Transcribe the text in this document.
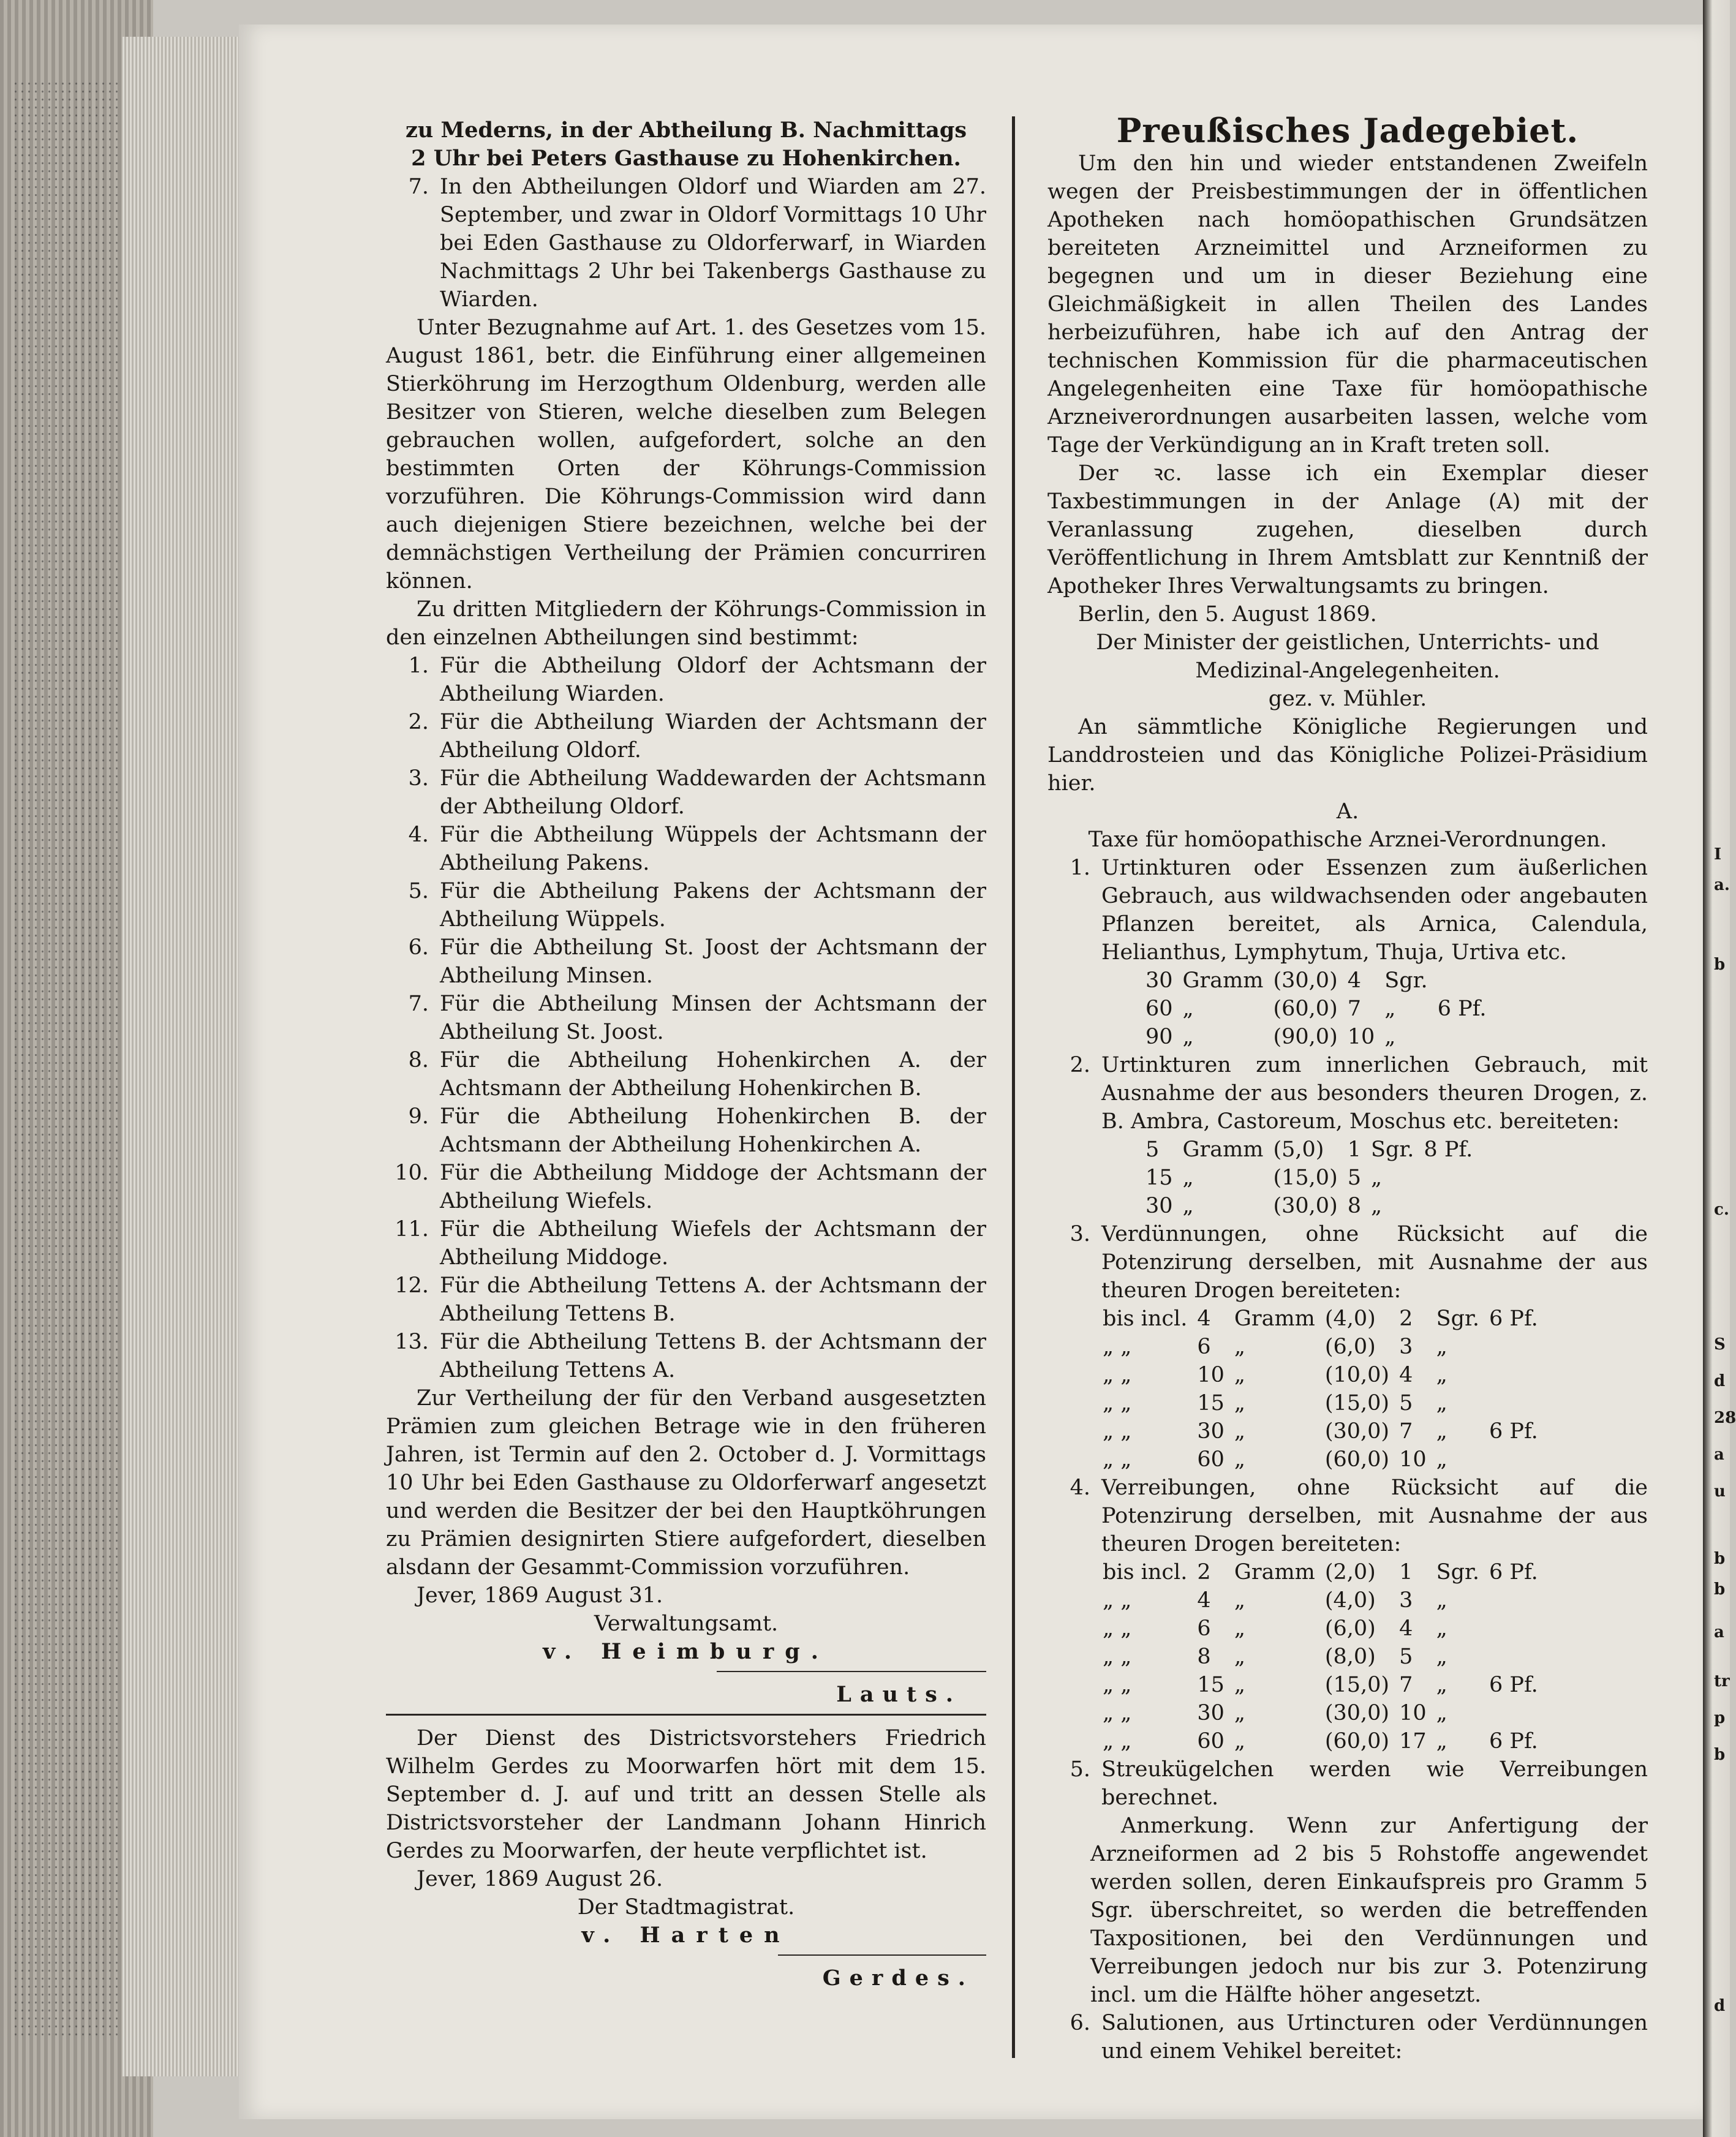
I
a.
b
c.
S
d
28
a
u
b
b
a
tr
p
b
d

zu Mederns, in der Abtheilung B. Nachmittags

2 Uhr bei Peters Gasthause zu Hohenkirchen.

7. In den Abtheilungen Oldorf und Wiarden am 27. September, und zwar in Oldorf Vormittags 10 Uhr bei Eden Gasthause zu Oldorferwarf, in Wiarden Nachmittags 2 Uhr bei Takenbergs Gasthause zu Wiarden.

Unter Bezugnahme auf Art. 1. des Gesetzes vom 15. August 1861, betr. die Einführung einer allgemeinen Stierköhrung im Herzogthum Oldenburg, werden alle Besitzer von Stieren, welche dieselben zum Belegen gebrauchen wollen, aufgefordert, solche an den bestimmten Orten der Köhrungs-Commission vorzuführen. Die Köhrungs-Commission wird dann auch diejenigen Stiere bezeichnen, welche bei der demnächstigen Vertheilung der Prämien concurriren können.

Zu dritten Mitgliedern der Köhrungs-Commission in den einzelnen Abtheilungen sind bestimmt:

1. Für die Abtheilung Oldorf der Achtsmann der Abtheilung Wiarden.
2. Für die Abtheilung Wiarden der Achtsmann der Abtheilung Oldorf.
3. Für die Abtheilung Waddewarden der Achtsmann der Abtheilung Oldorf.
4. Für die Abtheilung Wüppels der Achtsmann der Abtheilung Pakens.
5. Für die Abtheilung Pakens der Achtsmann der Abtheilung Wüppels.
6. Für die Abtheilung St. Joost der Achtsmann der Abtheilung Minsen.
7. Für die Abtheilung Minsen der Achtsmann der Abtheilung St. Joost.
8. Für die Abtheilung Hohenkirchen A. der Achtsmann der Abtheilung Hohenkirchen B.
9. Für die Abtheilung Hohenkirchen B. der Achtsmann der Abtheilung Hohenkirchen A.
10. Für die Abtheilung Middoge der Achtsmann der Abtheilung Wiefels.
11. Für die Abtheilung Wiefels der Achtsmann der Abtheilung Middoge.
12. Für die Abtheilung Tettens A. der Achtsmann der Abtheilung Tettens B.
13. Für die Abtheilung Tettens B. der Achtsmann der Abtheilung Tettens A.

Zur Vertheilung der für den Verband ausgesetzten Prämien zum gleichen Betrage wie in den früheren Jahren, ist Termin auf den 2. October d. J. Vormittags 10 Uhr bei Eden Gasthause zu Oldorferwarf angesetzt und werden die Besitzer der bei den Hauptköhrungen zu Prämien designirten Stiere aufgefordert, dieselben alsdann der Gesammt-Commission vorzuführen.

Jever, 1869 August 31.

Verwaltungsamt.

v. Heimburg.

Lauts.

Der Dienst des Districtsvorstehers Friedrich Wilhelm Gerdes zu Moorwarfen hört mit dem 15. September d. J. auf und tritt an dessen Stelle als Districtsvorsteher der Landmann Johann Hinrich Gerdes zu Moorwarfen, der heute verpflichtet ist.

Jever, 1869 August 26.

Der Stadtmagistrat.

v. Harten

Gerdes.

Preußisches Jadegebiet.

Um den hin und wieder entstandenen Zweifeln wegen der Preisbestimmungen der in öffentlichen Apotheken nach homöopathischen Grundsätzen bereiteten Arzneimittel und Arzneiformen zu begegnen und um in dieser Beziehung eine Gleichmäßigkeit in allen Theilen des Landes herbeizuführen, habe ich auf den Antrag der technischen Kommission für die pharmaceutischen Angelegenheiten eine Taxe für homöopathische Arzneiverordnungen ausarbeiten lassen, welche vom Tage der Verkündigung an in Kraft treten soll.

Der ꝛc. lasse ich ein Exemplar dieser Taxbestimmungen in der Anlage (A) mit der Veranlassung zugehen, dieselben durch Veröffentlichung in Ihrem Amtsblatt zur Kenntniß der Apotheker Ihres Verwaltungsamts zu bringen.

Berlin, den 5. August 1869.

Der Minister der geistlichen, Unterrichts- und Medizinal-Angelegenheiten.

gez. v. Mühler.

An sämmtliche Königliche Regierungen und Landdrosteien und das Königliche Polizei-Präsidium hier.

A.

Taxe für homöopathische Arznei-Verordnungen.

1. Urtinkturen oder Essenzen zum äußerlichen Gebrauch, aus wildwachsenden oder angebauten Pflanzen bereitet, als Arnica, Calendula, Helianthus, Lymphytum, Thuja, Urtiva etc.
30	Gramm	(30,0)	4	Sgr.	
60	„	(60,0)	7	„	6 Pf.
90	„	(90,0)	10	„	
2. Urtinkturen zum innerlichen Gebrauch, mit Ausnahme der aus besonders theuren Drogen, z. B. Ambra, Castoreum, Moschus etc. bereiteten:
5	Gramm	(5,0)	1	Sgr.	8 Pf.
15	„	(15,0)	5	„	
30	„	(30,0)	8	„	
3. Verdünnungen, ohne Rücksicht auf die Potenzirung derselben, mit Ausnahme der aus theuren Drogen bereiteten:
bis incl.	4	Gramm	(4,0)	2	Sgr.	6 Pf.
„ „	6	„	(6,0)	3	„	
„ „	10	„	(10,0)	4	„	
„ „	15	„	(15,0)	5	„	
„ „	30	„	(30,0)	7	„	6 Pf.
„ „	60	„	(60,0)	10	„	
4. Verreibungen, ohne Rücksicht auf die Potenzirung derselben, mit Ausnahme der aus theuren Drogen bereiteten:
bis incl.	2	Gramm	(2,0)	1	Sgr.	6 Pf.
„ „	4	„	(4,0)	3	„	
„ „	6	„	(6,0)	4	„	
„ „	8	„	(8,0)	5	„	
„ „	15	„	(15,0)	7	„	6 Pf.
„ „	30	„	(30,0)	10	„	
„ „	60	„	(60,0)	17	„	6 Pf.
5. Streukügelchen werden wie Verreibungen berechnet.

Anmerkung. Wenn zur Anfertigung der Arzneiformen ad 2 bis 5 Rohstoffe angewendet werden sollen, deren Einkaufspreis pro Gramm 5 Sgr. überschreitet, so werden die betreffenden Taxpositionen, bei den Verdünnungen und Verreibungen jedoch nur bis zur 3. Potenzirung incl. um die Hälfte höher angesetzt.

6. Salutionen, aus Urtincturen oder Verdünnungen und einem Vehikel bereitet:
